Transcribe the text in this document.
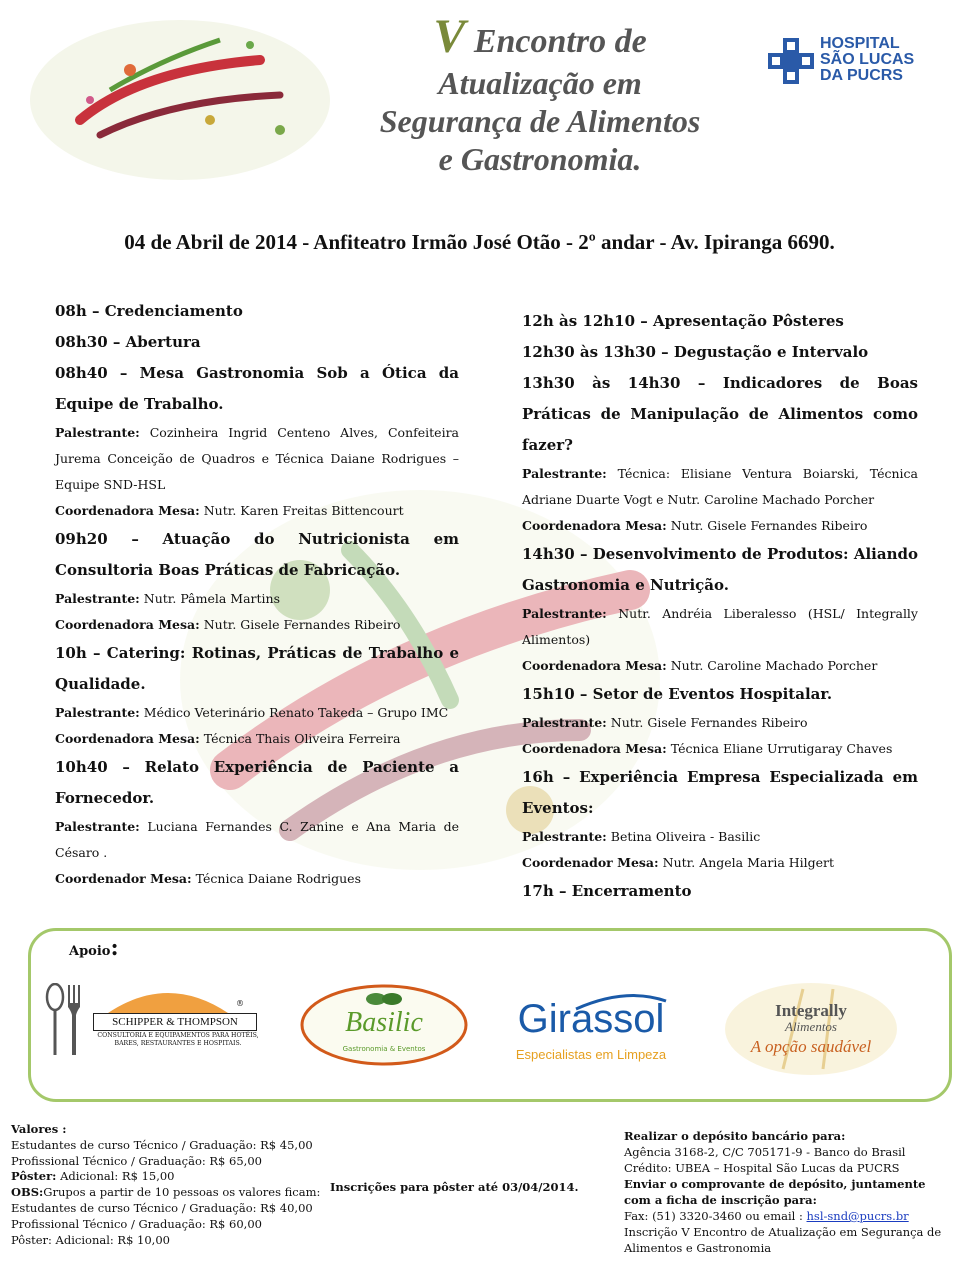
V Encontro de
Atualização em
Segurança de Alimentos
e Gastronomia.
HOSPITAL
SÃO LUCAS
DA PUCRS
04 de Abril de 2014 - Anfiteatro Irmão José Otão - 2º andar - Av. Ipiranga 6690.
08h – Credenciamento
08h30 – Abertura
08h40 – Mesa Gastronomia Sob a Ótica da Equipe de Trabalho.
Palestrante: Cozinheira Ingrid Centeno Alves, Confeiteira Jurema Conceição de Quadros e Técnica Daiane Rodrigues – Equipe SND-HSL
Coordenadora Mesa: Nutr. Karen Freitas Bittencourt
09h20 – Atuação do Nutricionista em Consultoria Boas Práticas de Fabricação.
Palestrante: Nutr. Pâmela Martins
Coordenadora Mesa: Nutr. Gisele Fernandes Ribeiro
10h – Catering: Rotinas, Práticas de Trabalho e Qualidade.
Palestrante: Médico Veterinário Renato Takeda – Grupo IMC
Coordenadora Mesa: Técnica Thais Oliveira Ferreira
10h40 – Relato Experiência de Paciente a Fornecedor.
Palestrante: Luciana Fernandes C. Zanine e Ana Maria de Césaro .
Coordenador Mesa: Técnica Daiane Rodrigues
12h às 12h10 – Apresentação Pôsteres
12h30 às 13h30 – Degustação e Intervalo
13h30 às 14h30 – Indicadores de Boas Práticas de Manipulação de Alimentos como fazer?
Palestrante: Técnica: Elisiane Ventura Boiarski, Técnica Adriane Duarte Vogt e Nutr. Caroline Machado Porcher
Coordenadora Mesa: Nutr. Gisele Fernandes Ribeiro
14h30 – Desenvolvimento de Produtos: Aliando Gastronomia e Nutrição.
Palestrante: Nutr. Andréia Liberalesso (HSL/ Integrally Alimentos)
Coordenadora Mesa: Nutr. Caroline Machado Porcher
15h10 – Setor de Eventos Hospitalar.
Palestrante: Nutr. Gisele Fernandes Ribeiro
Coordenadora Mesa: Técnica Eliane Urrutigaray Chaves
16h – Experiência Empresa Especializada em Eventos:
Palestrante: Betina Oliveira - Basilic
Coordenador Mesa: Nutr. Angela Maria Hilgert
17h – Encerramento
Apoio:
SCHIPPER & THOMPSON
®
CONSULTORIA E EQUIPAMENTOS PARA HOTÉIS,
BARES, RESTAURANTES E HOSPITAIS.
Basilic
Gastronomia & Eventos
Girassol
Especialistas em Limpeza
Integrally
Alimentos
A opção saudável
Valores :
Estudantes de curso Técnico / Graduação: R$ 45,00
Profissional Técnico / Graduação: R$ 65,00
Pôster: Adicional: R$ 15,00
OBS:Grupos a partir de 10 pessoas os valores ficam:
Estudantes de curso Técnico / Graduação: R$ 40,00
Profissional Técnico / Graduação: R$ 60,00
Pôster: Adicional: R$ 10,00
Inscrições para pôster até 03/04/2014.
Realizar o depósito bancário para:
Agência 3168-2, C/C 705171-9 - Banco do Brasil
Crédito: UBEA – Hospital São Lucas da PUCRS
Enviar o comprovante de depósito, juntamente com a ficha de inscrição para:
Fax: (51) 3320-3460 ou email : hsl-snd@pucrs.br
Inscrição V Encontro de Atualização em Segurança de
Alimentos e Gastronomia
